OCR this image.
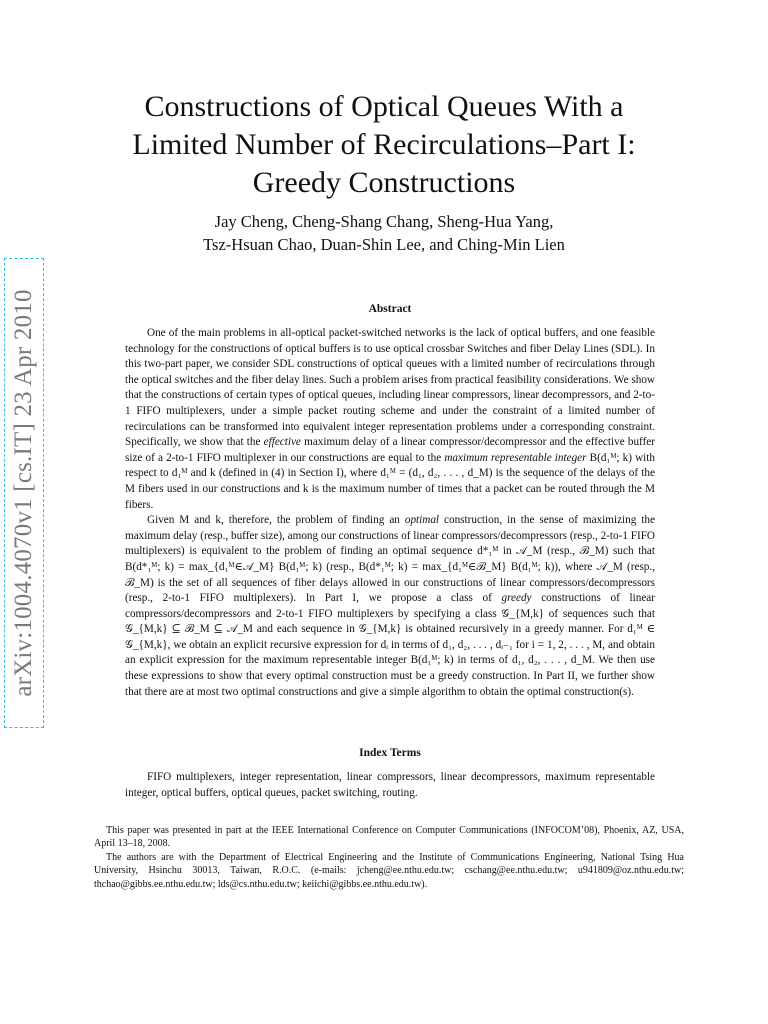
arXiv:1004.4070v1 [cs.IT] 23 Apr 2010
Constructions of Optical Queues With a Limited Number of Recirculations–Part I: Greedy Constructions
Jay Cheng, Cheng-Shang Chang, Sheng-Hua Yang,
Tsz-Hsuan Chao, Duan-Shin Lee, and Ching-Min Lien
Abstract

One of the main problems in all-optical packet-switched networks is the lack of optical buffers, and one feasible technology for the constructions of optical buffers is to use optical crossbar Switches and fiber Delay Lines (SDL). In this two-part paper, we consider SDL constructions of optical queues with a limited number of recirculations through the optical switches and the fiber delay lines. Such a problem arises from practical feasibility considerations. We show that the constructions of certain types of optical queues, including linear compressors, linear decompressors, and 2-to-1 FIFO multiplexers, under a simple packet routing scheme and under the constraint of a limited number of recirculations can be transformed into equivalent integer representation problems under a corresponding constraint. Specifically, we show that the effective maximum delay of a linear compressor/decompressor and the effective buffer size of a 2-to-1 FIFO multiplexer in our constructions are equal to the maximum representable integer B(d₁ᴹ; k) with respect to d₁ᴹ and k (defined in (4) in Section I), where d₁ᴹ = (d₁, d₂, . . . , d_M) is the sequence of the delays of the M fibers used in our constructions and k is the maximum number of times that a packet can be routed through the M fibers.

Given M and k, therefore, the problem of finding an optimal construction, in the sense of maximizing the maximum delay (resp., buffer size), among our constructions of linear compressors/decompressors (resp., 2-to-1 FIFO multiplexers) is equivalent to the problem of finding an optimal sequence d*₁ᴹ in 𝒜_M (resp., ℬ_M) such that B(d*₁ᴹ; k) = max_{d₁ᴹ∈𝒜_M} B(d₁ᴹ; k) (resp., B(d*₁ᴹ; k) = max_{d₁ᴹ∈ℬ_M} B(d₁ᴹ; k)), where 𝒜_M (resp., ℬ_M) is the set of all sequences of fiber delays allowed in our constructions of linear compressors/decompressors (resp., 2-to-1 FIFO multiplexers). In Part I, we propose a class of greedy constructions of linear compressors/decompressors and 2-to-1 FIFO multiplexers by specifying a class 𝒢_{M,k} of sequences such that 𝒢_{M,k} ⊆ ℬ_M ⊆ 𝒜_M and each sequence in 𝒢_{M,k} is obtained recursively in a greedy manner. For d₁ᴹ ∈ 𝒢_{M,k}, we obtain an explicit recursive expression for dᵢ in terms of d₁, d₂, . . . , dᵢ₋₁ for i = 1, 2, . . . , M, and obtain an explicit expression for the maximum representable integer B(d₁ᴹ; k) in terms of d₁, d₂, . . . , d_M. We then use these expressions to show that every optimal construction must be a greedy construction. In Part II, we further show that there are at most two optimal constructions and give a simple algorithm to obtain the optimal construction(s).

Index Terms
FIFO multiplexers, integer representation, linear compressors, linear decompressors, maximum representable integer, optical buffers, optical queues, packet switching, routing.

This paper was presented in part at the IEEE International Conference on Computer Communications (INFOCOM’08), Phoenix, AZ, USA, April 13–18, 2008.

The authors are with the Department of Electrical Engineering and the Institute of Communications Engineering, National Tsing Hua University, Hsinchu 30013, Taiwan, R.O.C. (e-mails: jcheng@ee.nthu.edu.tw; cschang@ee.nthu.edu.tw; u941809@oz.nthu.edu.tw; thchao@gibbs.ee.nthu.edu.tw; lds@cs.nthu.edu.tw; keiichi@gibbs.ee.nthu.edu.tw).
